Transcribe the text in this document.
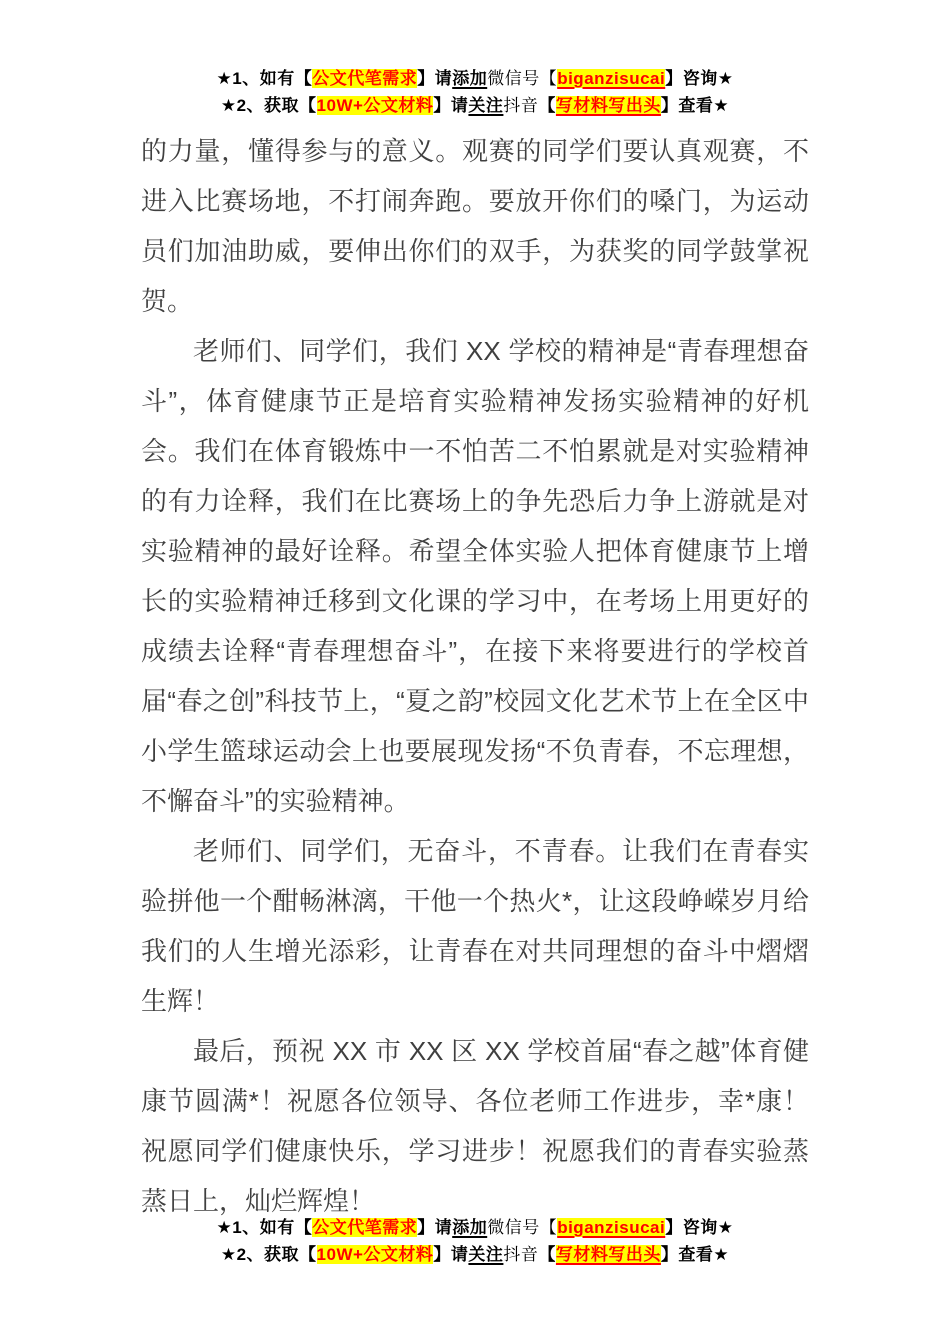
★1、如有【公文代笔需求】请添加微信号【biganzisucai】咨询★
★2、获取【10W+公文材料】请关注抖音【写材料写出头】查看★

的力量，懂得参与的意义。观赛的同学们要认真观赛，不进入比赛场地，不打闹奔跑。要放开你们的嗓门，为运动员们加油助威，要伸出你们的双手，为获奖的同学鼓掌祝贺。

老师们、同学们，我们 XX 学校的精神是“青春理想奋斗”，体育健康节正是培育实验精神发扬实验精神的好机会。我们在体育锻炼中一不怕苦二不怕累就是对实验精神的有力诠释，我们在比赛场上的争先恐后力争上游就是对实验精神的最好诠释。希望全体实验人把体育健康节上增长的实验精神迁移到文化课的学习中，在考场上用更好的成绩去诠释“青春理想奋斗”，在接下来将要进行的学校首届“春之创”科技节上，“夏之韵”校园文化艺术节上在全区中小学生篮球运动会上也要展现发扬“不负青春，不忘理想，不懈奋斗”的实验精神。

老师们、同学们，无奋斗，不青春。让我们在青春实验拼他一个酣畅淋漓，干他一个热火*，让这段峥嵘岁月给我们的人生增光添彩，让青春在对共同理想的奋斗中熠熠生辉！

最后，预祝 XX 市 XX 区 XX 学校首届“春之越”体育健康节圆满*！祝愿各位领导、各位老师工作进步，幸*康！祝愿同学们健康快乐，学习进步！祝愿我们的青春实验蒸蒸日上，灿烂辉煌！

★1、如有【公文代笔需求】请添加微信号【biganzisucai】咨询★
★2、获取【10W+公文材料】请关注抖音【写材料写出头】查看★
